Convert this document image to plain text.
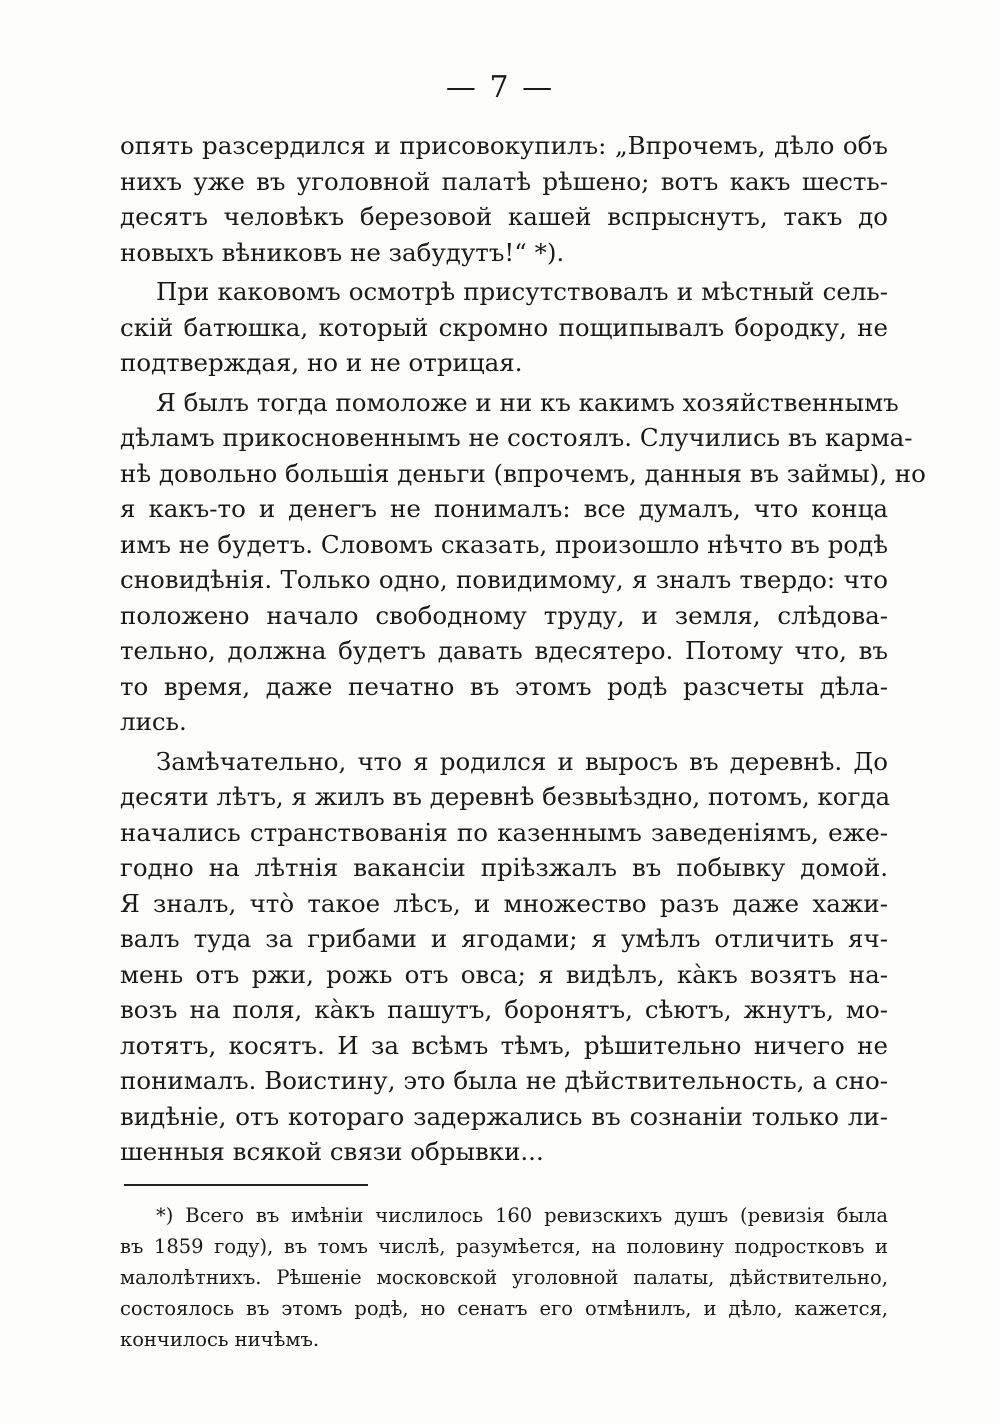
— 7 —
опять разсердился и присовокупилъ: „Впрочемъ, дѣло объ
нихъ уже въ уголовной палатѣ рѣшено; вотъ какъ шесть-
десятъ человѣкъ березовой кашей вспрыснутъ, такъ до
новыхъ вѣниковъ не забудутъ!“ *).
При каковомъ осмотрѣ присутствовалъ и мѣстный сель-
скій батюшка, который скромно пощипывалъ бородку, не
подтверждая, но и не отрицая.
Я былъ тогда помоложе и ни къ какимъ хозяйственнымъ
дѣламъ прикосновеннымъ не состоялъ. Случились въ карма-
нѣ довольно большія деньги (впрочемъ, данныя въ займы), но
я какъ-то и денегъ не понималъ: все думалъ, что конца
имъ не будетъ. Словомъ сказать, произошло нѣчто въ родѣ
сновидѣнія. Только одно, повидимому, я зналъ твердо: что
положено начало свободному труду, и земля, слѣдова-
тельно, должна будетъ давать вдесятеро. Потому что, въ
то время, даже печатно въ этомъ родѣ разсчеты дѣла-
лись.
Замѣчательно, что я родился и выросъ въ деревнѣ. До
десяти лѣтъ, я жилъ въ деревнѣ безвыѣздно, потомъ, когда
начались странствованія по казеннымъ заведеніямъ, еже-
годно на лѣтнія вакансіи пріѣзжалъ въ побывку домой.
Я зналъ, что̀ такое лѣсъ, и множество разъ даже хажи-
валъ туда за грибами и ягодами; я умѣлъ отличить яч-
мень отъ ржи, рожь отъ овса; я видѣлъ, ка̀къ возятъ на-
возъ на поля, ка̀къ пашутъ, боронятъ, сѣютъ, жнутъ, мо-
лотятъ, косятъ. И за всѣмъ тѣмъ, рѣшительно ничего не
понималъ. Воистину, это была не дѣйствительность, а сно-
видѣніе, отъ котораго задержались въ сознаніи только ли-
шенныя всякой связи обрывки...
*) Всего въ имѣніи числилось 160 ревизскихъ душъ (ревизія была
въ 1859 году), въ томъ числѣ, разумѣется, на половину подростковъ и
малолѣтнихъ. Рѣшеніе московской уголовной палаты, дѣйствительно,
состоялось въ этомъ родѣ, но сенатъ его отмѣнилъ, и дѣло, кажется,
кончилось ничѣмъ.
